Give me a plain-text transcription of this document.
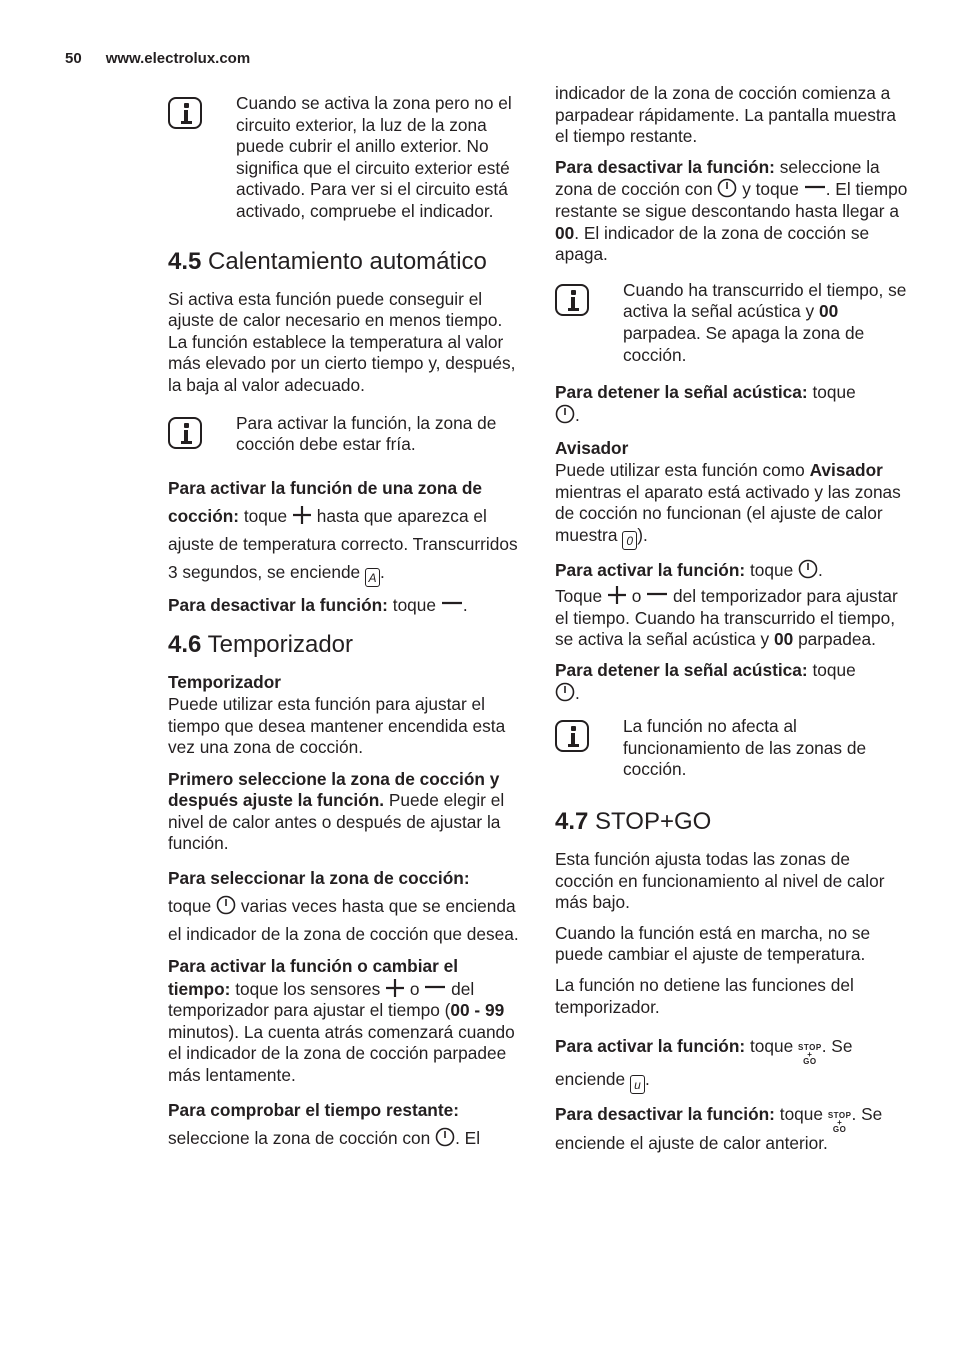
50 www.electrolux.com

Cuando se activa la zona pero no el circuito exterior, la luz de la zona puede cubrir el anillo exterior. No significa que el circuito exterior esté activado. Para ver si el circuito está activado, compruebe el indicador.

4.5 Calentamiento automático

Si activa esta función puede conseguir el ajuste de calor necesario en menos tiempo. La función establece la temperatura al valor más elevado por un cierto tiempo y, después, la baja al valor adecuado.

Para activar la función, la zona de cocción debe estar fría.

Para activar la función de una zona de cocción: toque hasta que aparezca el ajuste de temperatura correcto. Transcurridos 3 segundos, se enciende A .

Para desactivar la función: toque .

4.6 Temporizador

Temporizador
Puede utilizar esta función para ajustar el tiempo que desea mantener encendida esta vez una zona de cocción.

Primero seleccione la zona de cocción y después ajuste la función. Puede elegir el nivel de calor antes o después de ajustar la función.

Para seleccionar la zona de cocción:
toque varias veces hasta que se encienda el indicador de la zona de cocción que desea.

Para activar la función o cambiar el tiempo: toque los sensores o del temporizador para ajustar el tiempo (00 - 99 minutos). La cuenta atrás comenzará cuando el indicador de la zona de cocción parpadee más lentamente.

Para comprobar el tiempo restante:
seleccione la zona de cocción con . El

indicador de la zona de cocción comienza a parpadear rápidamente. La pantalla muestra el tiempo restante.

Para desactivar la función: seleccione la zona de cocción con y toque . El tiempo restante se sigue descontando hasta llegar a 00. El indicador de la zona de cocción se apaga.

Cuando ha transcurrido el tiempo, se activa la señal acústica y 00 parpadea. Se apaga la zona de cocción.

Para detener la señal acústica: toque
.

Avisador
Puede utilizar esta función como Avisador mientras el aparato está activado y las zonas de cocción no funcionan (el ajuste de calor muestra 0 ).

Para activar la función: toque .

Toque o del temporizador para ajustar el tiempo. Cuando ha transcurrido el tiempo, se activa la señal acústica y 00 parpadea.

Para detener la señal acústica: toque
.

La función no afecta al funcionamiento de las zonas de cocción.

4.7 STOP+GO

Esta función ajusta todas las zonas de cocción en funcionamiento al nivel de calor más bajo.

Cuando la función está en marcha, no se puede cambiar el ajuste de temperatura.

La función no detiene las funciones del temporizador.

Para activar la función: toque STOP
+
GO
. Se enciende u .

Para desactivar la función: toque STOP
+
GO
. Se enciende el ajuste de calor anterior.
